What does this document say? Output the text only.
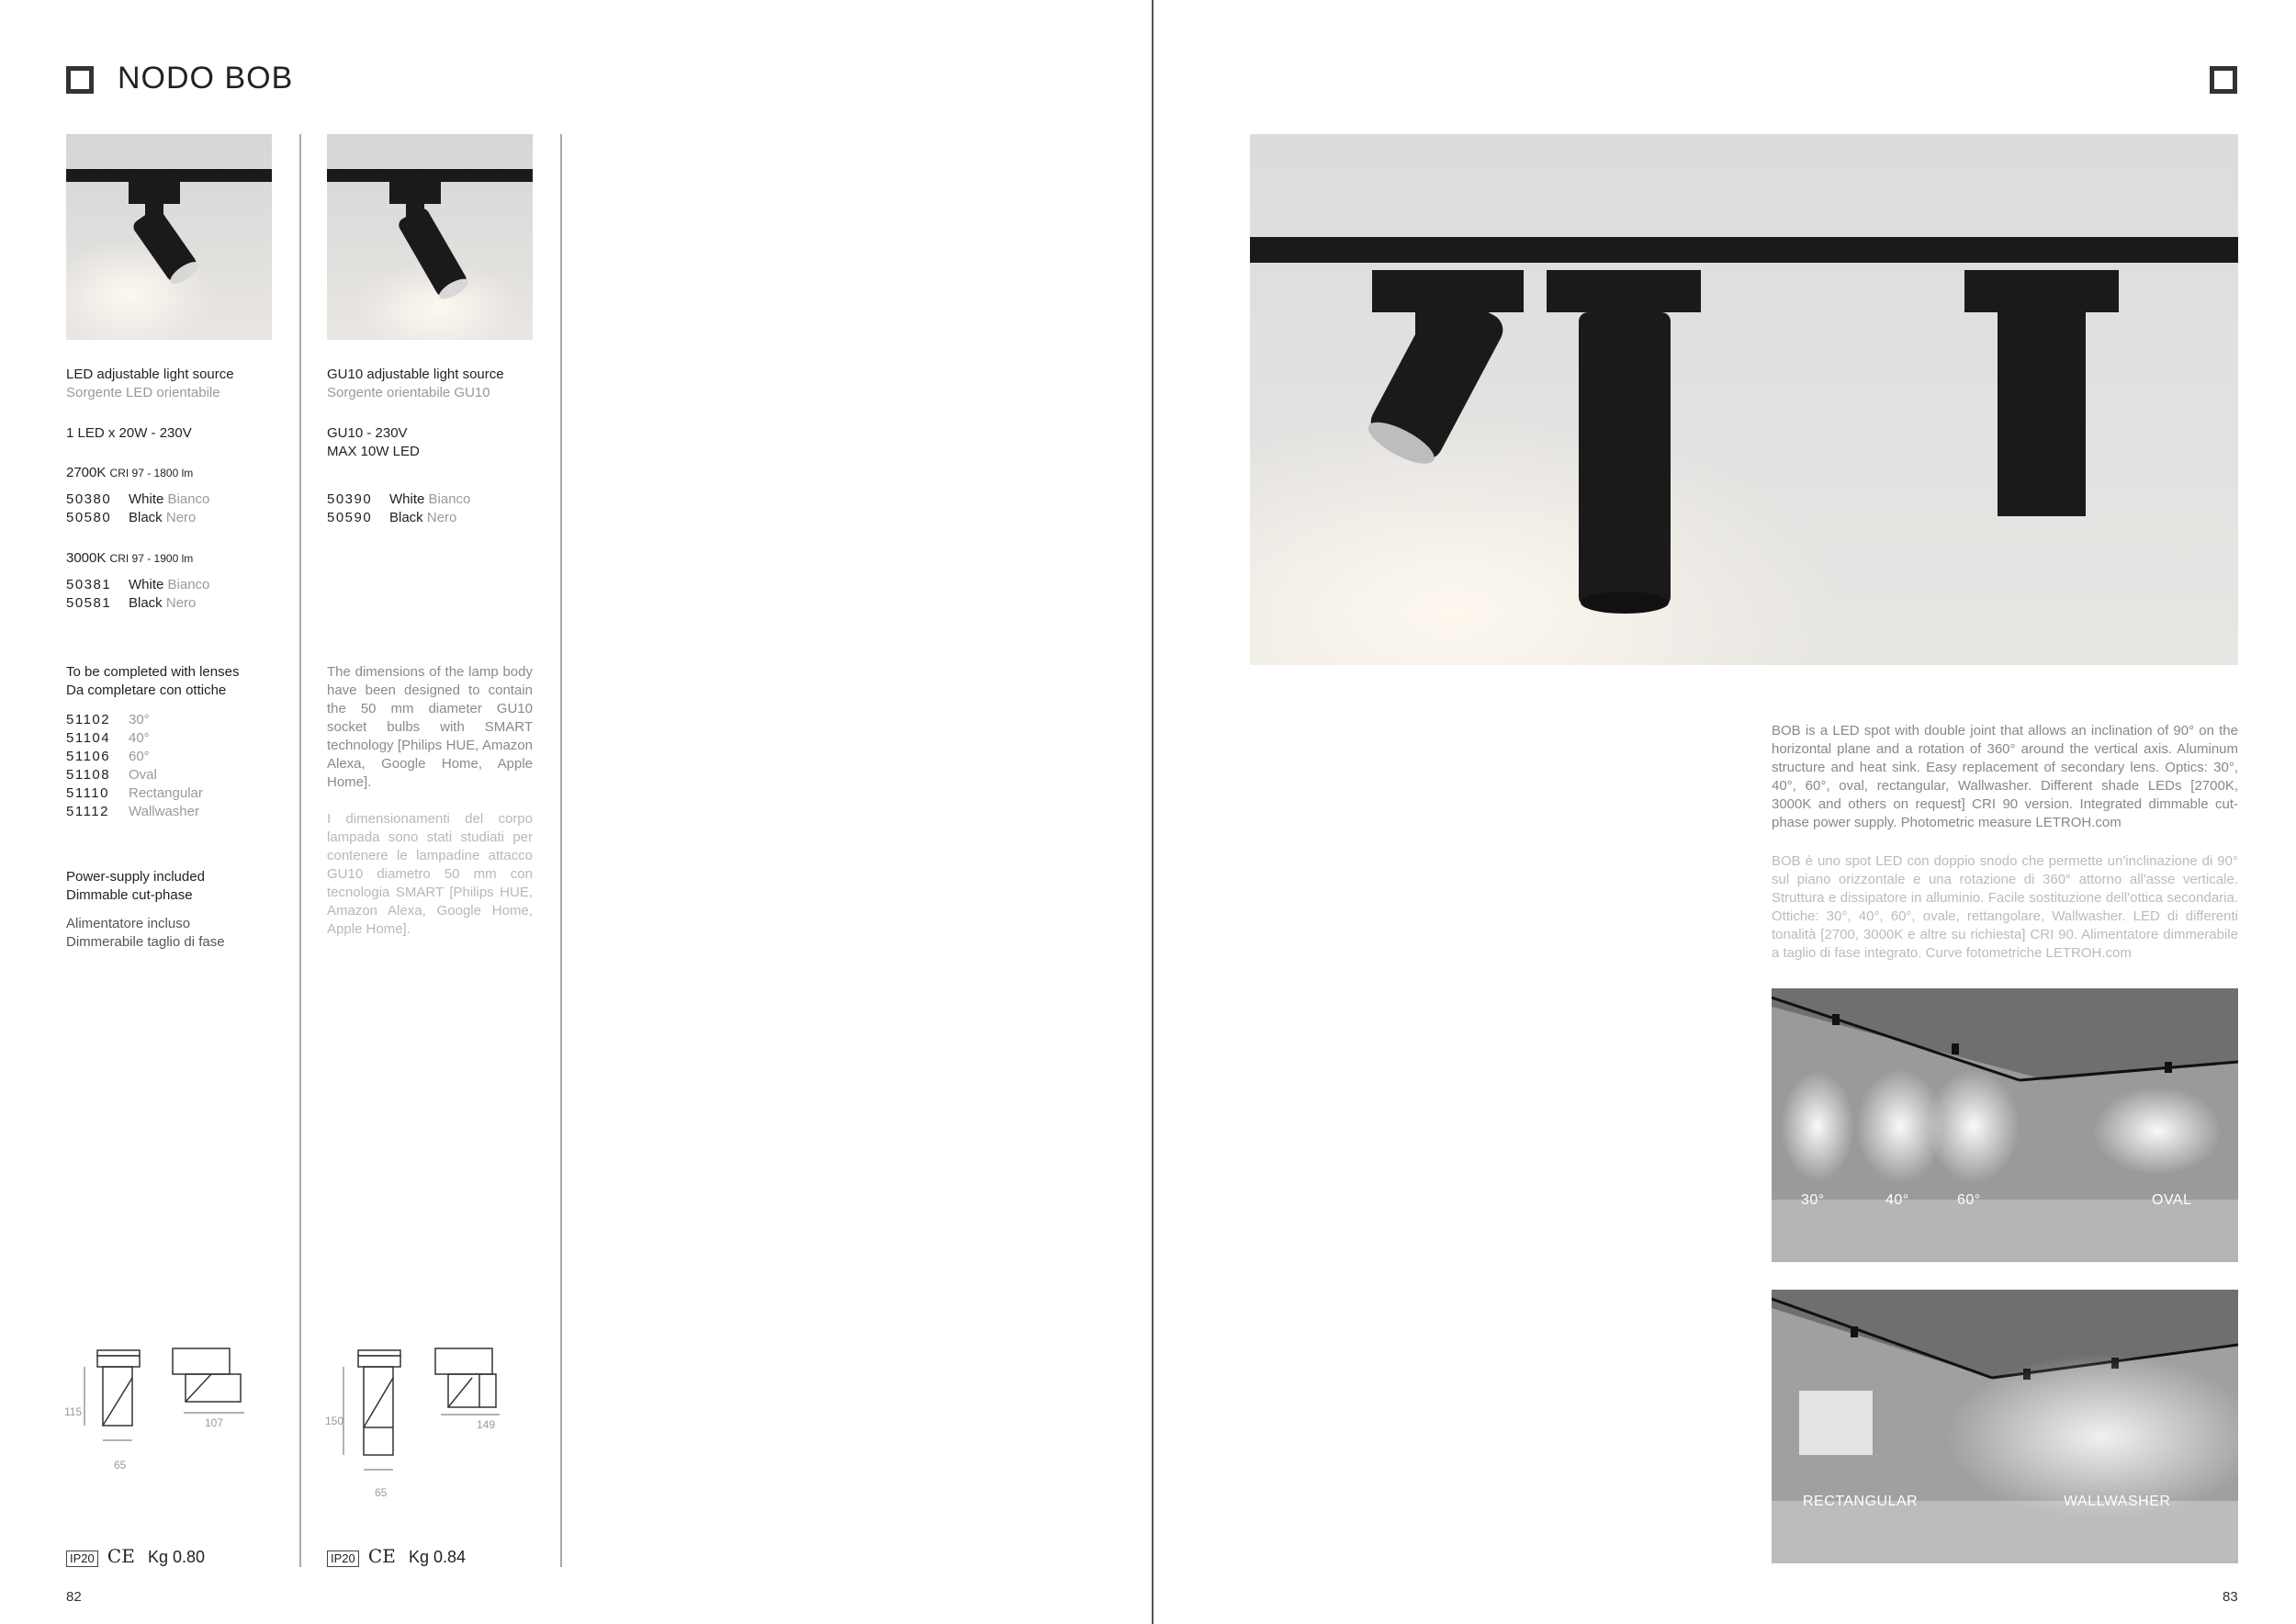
NODO BOB
LED adjustable light source
Sorgente LED orientabile
1 LED x 20W - 230V
2700K CRI 97 - 1800 lm
50380 White Bianco
50580 Black Nero
3000K CRI 97 - 1900 lm
50381 White Bianco
50581 Black Nero
To be completed with lenses
Da completare con ottiche
51102 30°
51104 40°
51106 60°
51108 Oval
51110 Rectangular
51112 Wallwasher
Power-supply included
Dimmable cut-phase
Alimentatore incluso
Dimmerabile taglio di fase
GU10 adjustable light source
Sorgente orientabile GU10
GU10 - 230V
MAX 10W LED
50390 White Bianco
50590 Black Nero
The dimensions of the lamp body have been designed to contain the 50 mm diameter GU10 socket bulbs with SMART technology [Philips HUE, Amazon Alexa, Google Home, Apple Home].
I dimensionamenti del corpo lampada sono stati studiati per contenere le lampadine attacco GU10 diametro 50 mm con tecnologia SMART [Philips HUE, Amazon Alexa, Google Home, Apple Home].
115
65
107	150
65
149
IP20 CE Kg 0.80	IP20 CE Kg 0.84
82
BOB is a LED spot with double joint that allows an inclination of 90° on the horizontal plane and a rotation of 360° around the vertical axis. Aluminum structure and heat sink. Easy replacement of secondary lens. Optics: 30°, 40°, 60°, oval, rectangular, Wallwasher. Different shade LEDs [2700K, 3000K and others on request] CRI 90 version. Integrated dimmable cut-phase power supply. Photometric measure LETROH.com
BOB è uno spot LED con doppio snodo che permette un'inclinazione di 90° sul piano orizzontale e una rotazione di 360° attorno all'asse verticale. Struttura e dissipatore in alluminio. Facile sostituzione dell'ottica secondaria. Ottiche: 30°, 40°, 60°, ovale, rettangolare, Wallwasher. LED di differenti tonalità [2700, 3000K e altre su richiesta] CRI 90. Alimentatore dimmerabile a taglio di fase integrato. Curve fotometriche LETROH.com
30°	40°	60°	OVAL
RECTANGULAR	WALLWASHER
83
